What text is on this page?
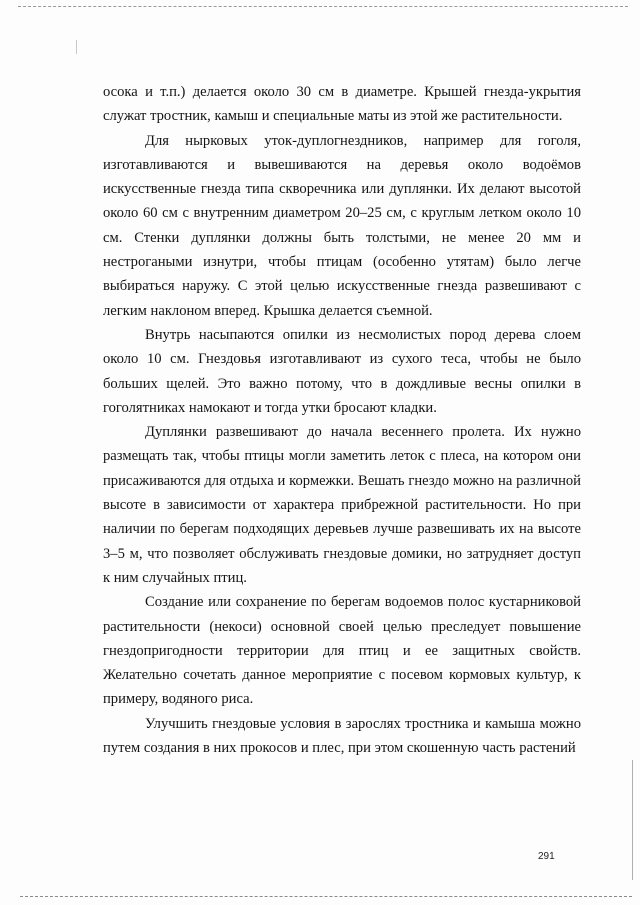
осока и т.п.) делается около 30 см в диаметре. Крышей гнезда-укрытия служат тростник, камыш и специальные маты из этой же растительности.

Для нырковых уток-дуплогнездников, например для гоголя, изготавливаются и вывешиваются на деревья около водоёмов искусственные гнезда типа скворечника или дуплянки. Их делают высотой около 60 см с внутренним диаметром 20–25 см, с круглым летком около 10 см. Стенки дуплянки должны быть толстыми, не менее 20 мм и нестрогаными изнутри, чтобы птицам (особенно утятам) было легче выбираться наружу. С этой целью искусственные гнезда развешивают с легким наклоном вперед. Крышка делается съемной.

Внутрь насыпаются опилки из несмолистых пород дерева слоем около 10 см. Гнездовья изготавливают из сухого теса, чтобы не было больших щелей. Это важно потому, что в дождливые весны опилки в гоголятниках намокают и тогда утки бросают кладки.

Дуплянки развешивают до начала весеннего пролета. Их нужно размещать так, чтобы птицы могли заметить леток с плеса, на котором они присаживаются для отдыха и кормежки. Вешать гнездо можно на различной высоте в зависимости от характера прибрежной растительности. Но при наличии по берегам подходящих деревьев лучше развешивать их на высоте 3–5 м, что позволяет обслуживать гнездовые домики, но затрудняет доступ к ним случайных птиц.

Создание или сохранение по берегам водоемов полос кустарниковой растительности (некоси) основной своей целью преследует повышение гнездопригодности территории для птиц и ее защитных свойств. Желательно сочетать данное мероприятие с посевом кормовых культур, к примеру, водяного риса.

Улучшить гнездовые условия в зарослях тростника и камыша можно путем создания в них прокосов и плес, при этом скошенную часть растений

291
